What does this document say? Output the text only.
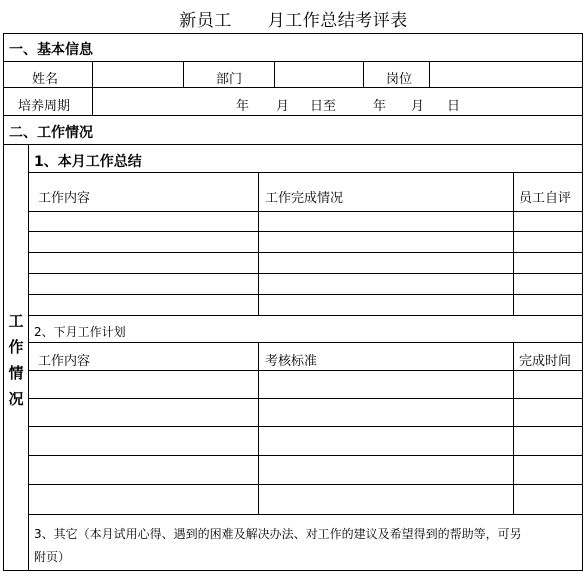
新员工 月工作总结考评表
一、基本信息
姓名	部门	岗位
培养周期	年 月 日至	年 月 日
二、工作情况
工
作
情
况
1、本月工作总结
工作内容	工作完成情况	员工自评
2、下月工作计划
工作内容	考核标准	完成时间
3、其它（本月试用心得、遇到的困难及解决办法、对工作的建议及希望得到的帮助等，可另
附页）
